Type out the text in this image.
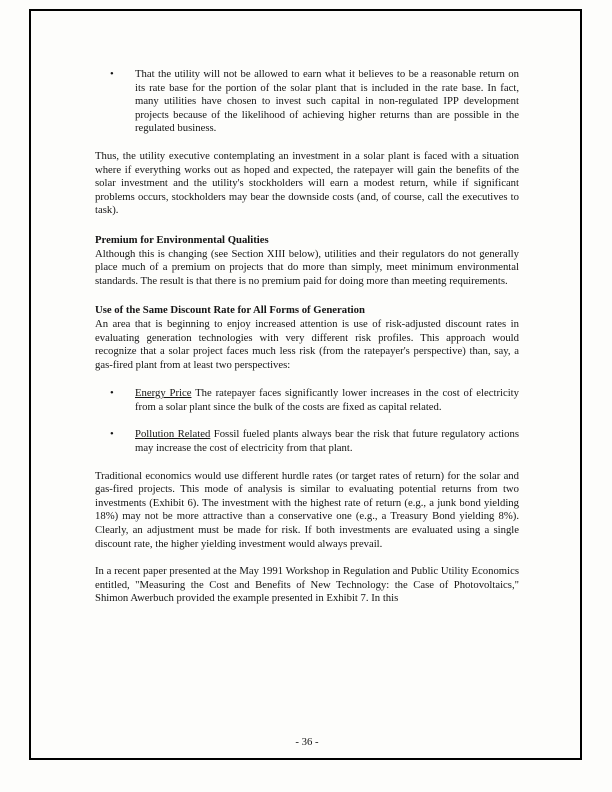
•	That the utility will not be allowed to earn what it believes to be a reasonable return on its rate base for the portion of the solar plant that is included in the rate base. In fact, many utilities have chosen to invest such capital in non-regulated IPP development projects because of the likelihood of achieving higher returns than are possible in the regulated business.

Thus, the utility executive contemplating an investment in a solar plant is faced with a situation where if everything works out as hoped and expected, the ratepayer will gain the benefits of the solar investment and the utility's stockholders will earn a modest return, while if significant problems occurs, stockholders may bear the downside costs (and, of course, call the executives to task).

Premium for Environmental Qualities

Although this is changing (see Section XIII below), utilities and their regulators do not generally place much of a premium on projects that do more than simply, meet minimum environmental standards. The result is that there is no premium paid for doing more than meeting requirements.

Use of the Same Discount Rate for All Forms of Generation

An area that is beginning to enjoy increased attention is use of risk-adjusted discount rates in evaluating generation technologies with very different risk profiles. This approach would recognize that a solar project faces much less risk (from the ratepayer's perspective) than, say, a gas-fired plant from at least two perspectives:

•	Energy Price The ratepayer faces significantly lower increases in the cost of electricity from a solar plant since the bulk of the costs are fixed as capital related.
•	Pollution Related Fossil fueled plants always bear the risk that future regulatory actions may increase the cost of electricity from that plant.

Traditional economics would use different hurdle rates (or target rates of return) for the solar and gas-fired projects. This mode of analysis is similar to evaluating potential returns from two investments (Exhibit 6). The investment with the highest rate of return (e.g., a junk bond yielding 18%) may not be more attractive than a conservative one (e.g., a Treasury Bond yielding 8%). Clearly, an adjustment must be made for risk. If both investments are evaluated using a single discount rate, the higher yielding investment would always prevail.

In a recent paper presented at the May 1991 Workshop in Regulation and Public Utility Economics entitled, "Measuring the Cost and Benefits of New Technology: the Case of Photovoltaics," Shimon Awerbuch provided the example presented in Exhibit 7. In this

- 36 -
